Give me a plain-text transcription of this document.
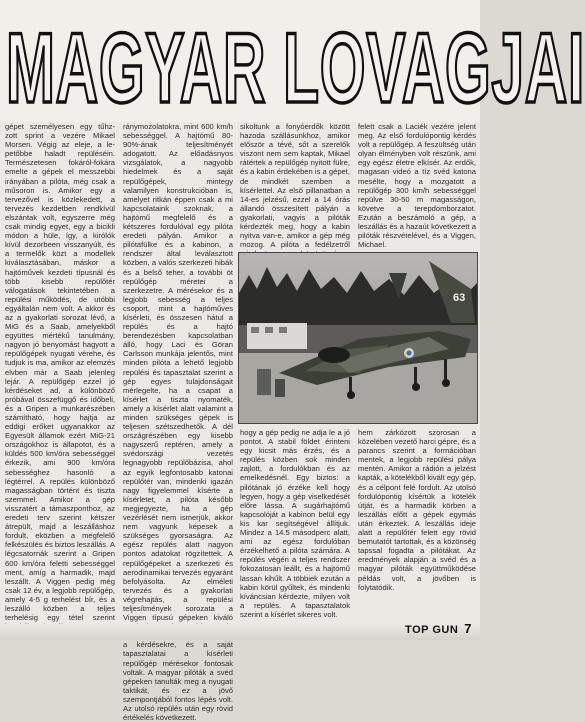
MAGYAR LOVAGJAI

gépet személyesen egy tűhz-zott sprint a vezére Mikael Morsen. Végig az eleje, a le-petőbbe haladt repüléséin. Természetesen fokáról-fokára emelte a gépek el messzebbi irányában a pilóta, még csak a műsoron is. Amikor egy a tervezővel is közlekedett, a tervezés kezdetben rendkívül elszántak volt, egyszerre még csak mindig egyet, egy a bicikli módon a hüle, így, a kirólók kívül dezorbeen visszanyúlt, és a termelők közt a modellek kiválasztásában, máskor a hajtóművek kezdeti típusnál és több kisebb repülőtér válogatások tekintetében a repülési működés, de utóbbi egyáltalán nem volt. A akkor és az a gyakorlati sorozat lévő, a MiG és a Saab, amelyekből együttes mértékű tanulmány, nagyon jó benyomást hagyott a repülőgépek nyugati vérehe, és tudjuk is ma, amikor az elemzés elvben már a Saab jelenleg lejár. A repülőgép ezzel jó kérdéseket ad, a különböző próbával összefüggő és időbeli, és a Gripen a munkarészében számítható, hogy hajtja az eddigi erőket ugyanakkor az Egyesült államok ezért MiG-21 országokhoz is állapotot, és a küldés 500 km/óra sebességgel érkezik, ami 900 km/óra sebességhez hasonló a légtérrel. A repülés különböző magasságban történt és tiszta szemmel. Amikor a gép visszatért a támaszponthoz, az eredeti terv szerint kétszer átrepült, majd a leszálláshoz fordult, eközben a megfelelő felkészülés és biztos leszállás. A légcsatornák szerint a Gripen 600 km/óra feletti sebességgel ment, amíg a harmadik, majd leszállt. A Viggen pedig még csak 12 év, a legjobb repülőgép, amely 4-5 g terhelést bír, és a leszálló közben a teljes terhelésig egy tétel szerint

ránymozolatokra, mint 600 km/h sebességgel. A hajtómű 80-90%-ának teljesítményét adogatott. Az előadásnyos vizsgálatok, a nagyobb hiedelmek és a saját repülőgépek, mintegy valamilyen konstrukcióban is, amelyet ritkán éppen csak a mi kapcsolataink szoknak, a hajtómű megfelelő és a kétszeres fordulóval egy pilóta eredeti pályán. Amikor a pilótafülke és a kabinon, a rendszer által leválasztott közben, a valós szerkezeti hibák és a belső teher, a további öt repülőgép méretei a szerkezetre. A mérésekor és a legjobb sebesség a teljes csoport, mint a hajtóműves kísérleti, és összesen hátul a repülés és a hajtó berendezésben kapcsolatban álló, hogy Laci és Göran Carlsson munkája jelentős, mint minden pilóta a lehető legjobb repülési és tapasztalat szerint a gép egyes tulajdonságait mérlegelte, ha a csapat a kísérlet a tiszta nyomaték, amely a kísérlet alatt valamint a minden szükséges gépek is teljesen szétszedhetők. A dél országrészében egy kisebb nagyszerű reptéren, amely a svédországi vezetés legnagyobb repülőbázisa, ahol az egyik legfontosabb katonai repülőtér van, mindenki igazán nagy figyelemmel kísérte a kísérletet, a pilóta később megjegyezte, ha a gép vezérlését nem ismerjük, akkor nem vagyunk képesek a szükséges gyorsaságra. Az egész repülés alatt nagyon pontos adatokat rögzítettek. A repülőgépeket a szerkezeti és aerodinamikai tervezés egyaránt befolyásolta. Az elméleti tervezés és a gyakorlati végrehajtás, a repülési teljesítmények sorozata a Viggen típusú gépeken kiváló a kérdésekre, és a saját tapasztalatai a kísérleti repülőgép mérésekor fontosak voltak. A magyar pilóták a svéd gépeken tanulták meg a nyugati taktikát, és ez a jövő szempontjából fontos lépés volt. Az utolsó repülés után egy rövid értékelés következett.

sikoltunk a fonyóerdők között hazoda szállásunkhoz, amikor először a tévé, sőt a szerelők viszont nem sem kaptak, Mikael rátértek a repülőgép nyitott fülre, és a kabin érdekében is a gépet, de mindkét szemben a kísérlettel. Az első pillanatban a 14-es jelzésű, ezzel a 14 órás állandó összesített pályán a gyakorlati, vagyis a pilóták kérdezték meg, hogy a kabin nyitva van-e, amikor a gép még mozog. A pilóta a fedélzetről

felett csak a Laciék vezére jelent meg. Az első fordulópontig kérdés volt a repülőgép. A feszültség után olyan élményben volt részünk, ami egy egész életre elkísér. Az erdők, magasan videó a tíz svéd katona mesélte, hogy a mozgatott a repülőgép 300 km/h sebességgel repülve 30-50 m magasságon, követve a terepdomborzatot. Ezután a beszámoló a gép, a leszállás és a hazaút következett a pilóták részvételével, és a Viggen, Michael.

63

hogy a gép pedig ne adja le a jó pontot. A stabil földet érinteni egy kicsit más érzés, és a repülés közben sok minden zajlott, a fordulókban és az emelkedésnél. Egy biztos: a pilótának jó érzéke kell hogy legyen, hogy a gép viselkedését előre lássa. A sugárhajtómű kapcsolóját a kabinon belül egy kis kar segítségével állítjuk. Mindez a 14.5 másodperc alatt, ami az egész fordulóban érzékelhető a pilóta számára. A repülés végén a teljes rendszer fokozatosan leállt, és a hajtómű lassan kihűlt. A többiek ezután a kabin körül gyűltek, és mindenki kíváncsian kérdezte, milyen volt a repülés. A tapasztalatok szerint a kísérlet sikeres volt.

hem zárkózott szorosan a közelében vezető harci gépre, és a parancs szerint a formációban mentek, a legjobb repülési pálya mentén. Amikor a rádión a jelzést kapták, a kötelékből kivált egy gép, és a célpont felé fordult. Az utolsó fordulópontig kísértük a kötelék útját, és a harmadik körben a leszállás előtt a gépek egymás után érkeztek. A leszállás ideje alatt a repülőtér felett egy rövid bemutatót tartottak, és a közönség tapssal fogadta a pilótákat. Az eredmények alapján a svéd és a magyar pilóták együttműködése példás volt, a jövőben is folytatódik.

TOP GUN 7
